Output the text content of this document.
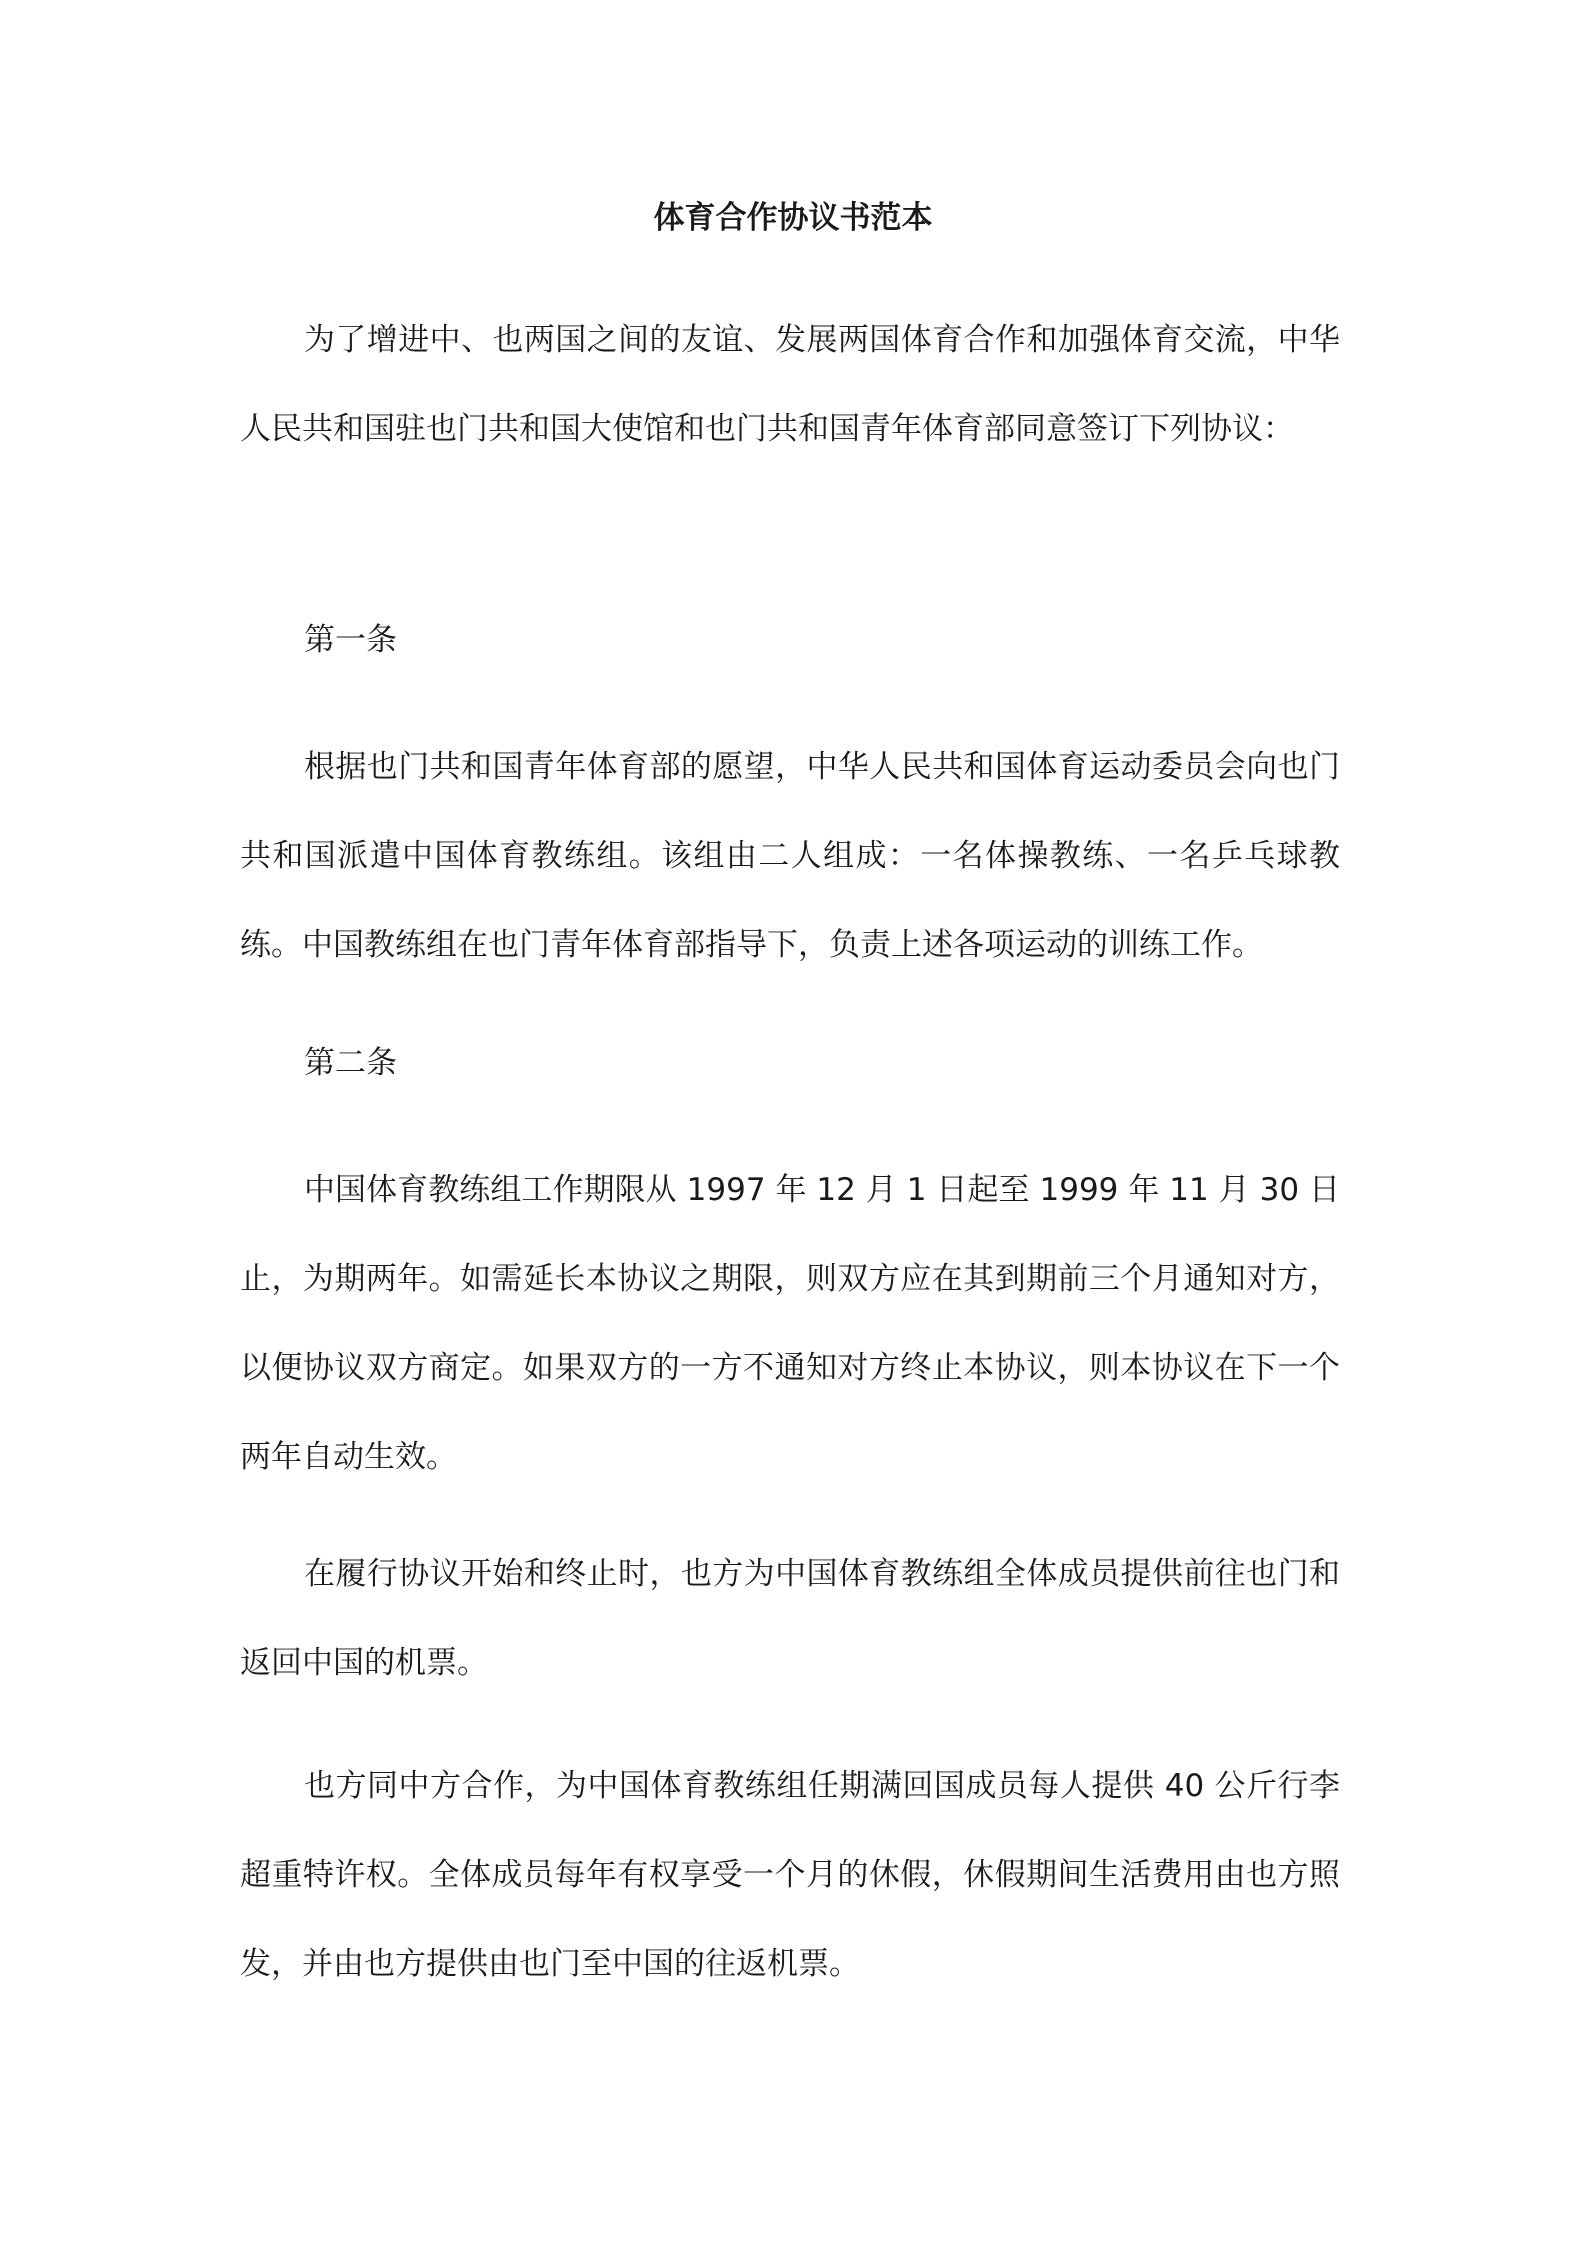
体育合作协议书范本

为了增进中、也两国之间的友谊、发展两国体育合作和加强体育交流，中华人民共和国驻也门共和国大使馆和也门共和国青年体育部同意签订下列协议：

第一条

根据也门共和国青年体育部的愿望，中华人民共和国体育运动委员会向也门共和国派遣中国体育教练组。该组由二人组成：一名体操教练、一名乒乓球教练。中国教练组在也门青年体育部指导下，负责上述各项运动的训练工作。

第二条

中国体育教练组工作期限从 1997 年 12 月 1 日起至 1999 年 11 月 30 日止，为期两年。如需延长本协议之期限，则双方应在其到期前三个月通知对方，以便协议双方商定。如果双方的一方不通知对方终止本协议，则本协议在下一个两年自动生效。

在履行协议开始和终止时，也方为中国体育教练组全体成员提供前往也门和返回中国的机票。

也方同中方合作，为中国体育教练组任期满回国成员每人提供 40 公斤行李超重特许权。全体成员每年有权享受一个月的休假，休假期间生活费用由也方照发，并由也方提供由也门至中国的往返机票。
